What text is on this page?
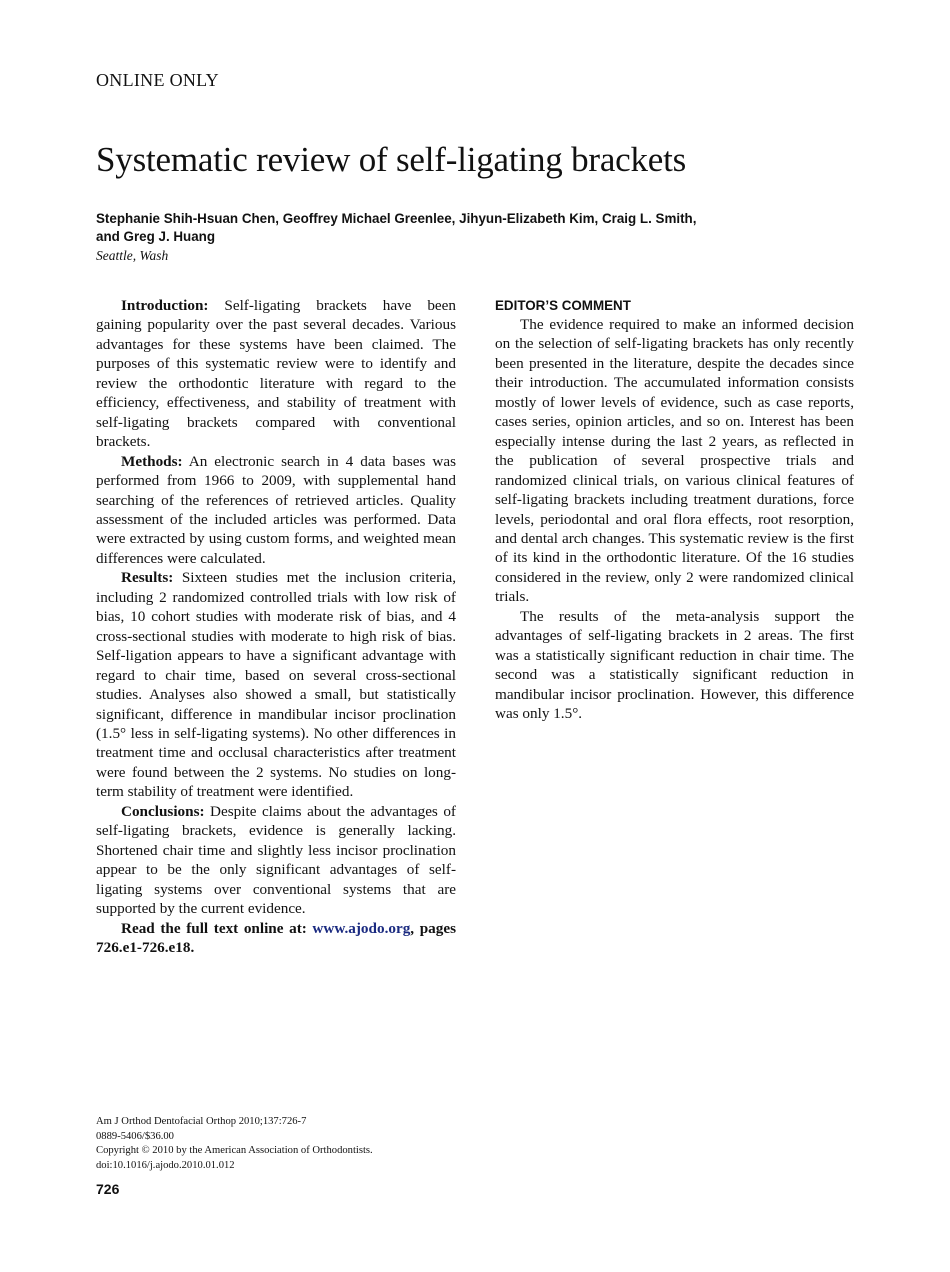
ONLINE ONLY
Systematic review of self-ligating brackets
Stephanie Shih-Hsuan Chen, Geoffrey Michael Greenlee, Jihyun-Elizabeth Kim, Craig L. Smith,
and Greg J. Huang
Seattle, Wash

Introduction: Self-ligating brackets have been gaining popularity over the past several decades. Various advantages for these systems have been claimed. The purposes of this systematic review were to identify and review the orthodontic literature with regard to the efficiency, effectiveness, and stability of treatment with self-ligating brackets compared with conventional brackets.

Methods: An electronic search in 4 data bases was performed from 1966 to 2009, with supplemental hand searching of the references of retrieved articles. Quality assessment of the included articles was performed. Data were extracted by using custom forms, and weighted mean differences were calculated.

Results: Sixteen studies met the inclusion criteria, including 2 randomized controlled trials with low risk of bias, 10 cohort studies with moderate risk of bias, and 4 cross-sectional studies with moderate to high risk of bias. Self-ligation appears to have a significant advantage with regard to chair time, based on several cross-sectional studies. Analyses also showed a small, but statistically significant, difference in mandibular incisor proclination (1.5° less in self-ligating systems). No other differences in treatment time and occlusal characteristics after treatment were found between the 2 systems. No studies on long-term stability of treatment were identified.

Conclusions: Despite claims about the advantages of self-ligating brackets, evidence is generally lacking. Shortened chair time and slightly less incisor proclination appear to be the only significant advantages of self-ligating systems over conventional systems that are supported by the current evidence.

Read the full text online at: www.ajodo.org, pages 726.e1-726.e18.

EDITOR’S COMMENT

The evidence required to make an informed decision on the selection of self-ligating brackets has only recently been presented in the literature, despite the decades since their introduction. The accumulated information consists mostly of lower levels of evidence, such as case reports, cases series, opinion articles, and so on. Interest has been especially intense during the last 2 years, as reflected in the publication of several prospective trials and randomized clinical trials, on various clinical features of self-ligating brackets including treatment durations, force levels, periodontal and oral flora effects, root resorption, and dental arch changes. This systematic review is the first of its kind in the orthodontic literature. Of the 16 studies considered in the review, only 2 were randomized clinical trials.

The results of the meta-analysis support the advantages of self-ligating brackets in 2 areas. The first was a statistically significant reduction in chair time. The second was a statistically significant reduction in mandibular incisor proclination. However, this difference was only 1.5°.

Am J Orthod Dentofacial Orthop 2010;137:726-7
0889-5406/$36.00
Copyright © 2010 by the American Association of Orthodontists.
doi:10.1016/j.ajodo.2010.01.012
726
